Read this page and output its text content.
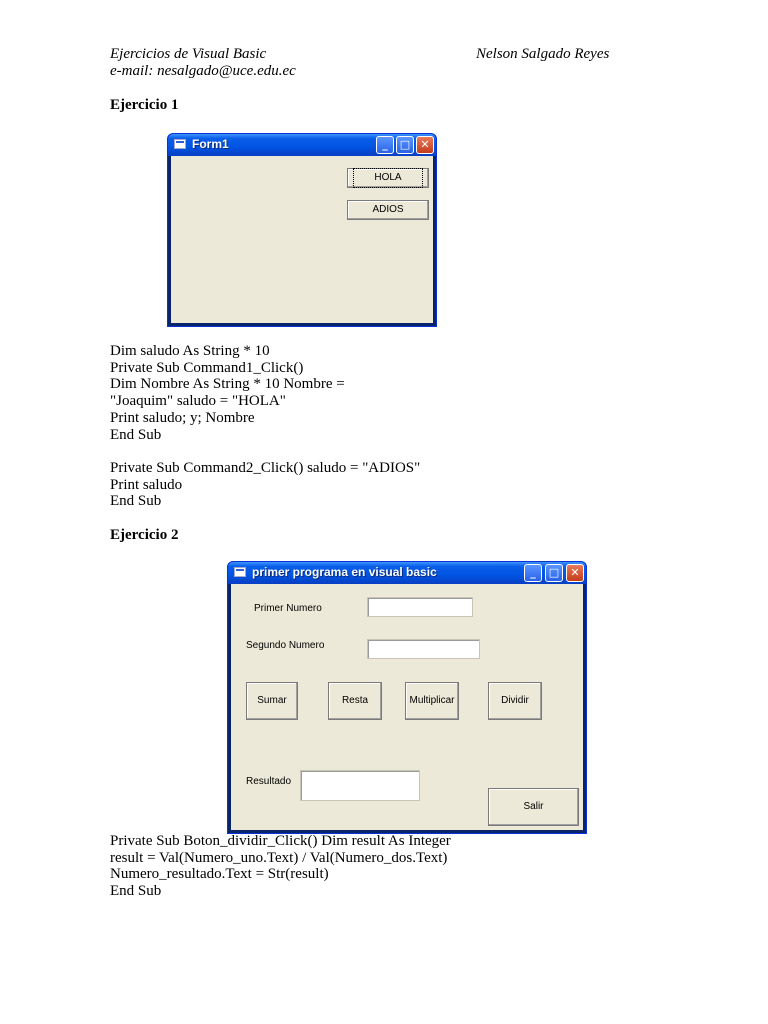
Ejercicios de Visual Basic
e-mail: nesalgado@uce.edu.ec
Nelson Salgado Reyes
Ejercicio 1
Form1	_	□ ✕
HOLA
ADIOS
Dim saludo As String * 10
Private Sub Command1_Click()
Dim Nombre As String * 10 Nombre =
"Joaquim" saludo = "HOLA"
Print saludo; y; Nombre
End Sub
Private Sub Command2_Click() saludo = "ADIOS"
Print saludo
End Sub
Ejercicio 2
primer programa en visual basic	_	□	✕
Primer Numero
Segundo Numero
Sumar	Resta	Multiplicar	Dividir
Resultado
Salir
Private Sub Boton_dividir_Click() Dim result As Integer
result = Val(Numero_uno.Text) / Val(Numero_dos.Text)
Numero_resultado.Text = Str(result)
End Sub
